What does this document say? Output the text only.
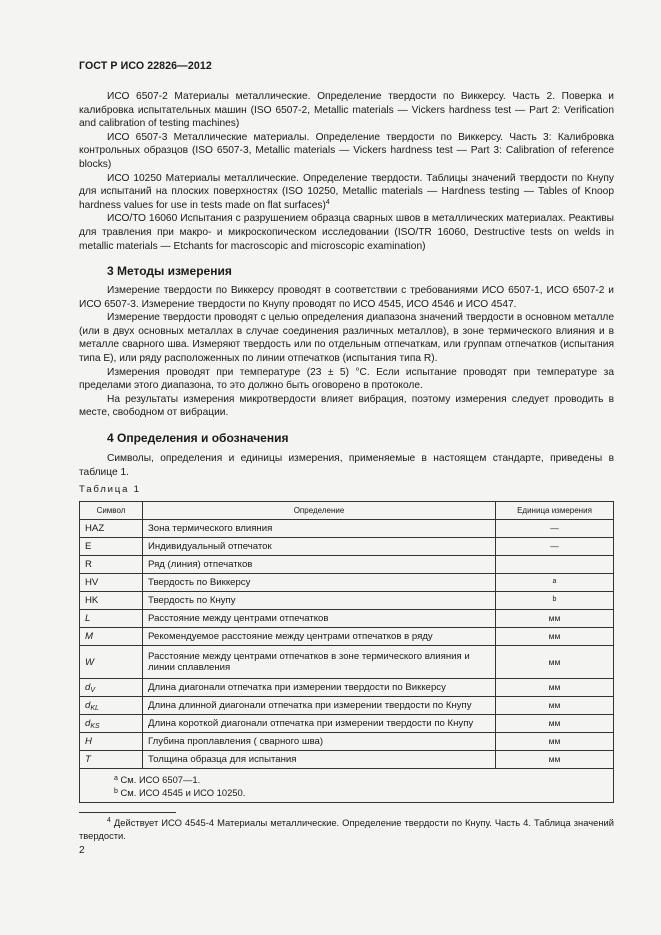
ГОСТ Р ИСО 22826—2012

ИСО 6507-2 Материалы металлические. Определение твердости по Виккерсу. Часть 2. Поверка и калибровка испытательных машин (ISO 6507-2, Metallic materials — Vickers hardness test — Part 2: Verification and calibration of testing machines)

ИСО 6507-3 Металлические материалы. Определение твердости по Виккерсу. Часть 3: Калибровка контрольных образцов (ISO 6507-3, Metallic materials — Vickers hardness test — Part 3: Calibration of reference blocks)

ИСО 10250 Материалы металлические. Определение твердости. Таблицы значений твердости по Кнупу для испытаний на плоских поверхностях (ISO 10250, Metallic materials — Hardness testing — Tables of Knoop hardness values for use in tests made on flat surfaces)$^4$

ИСО/ТО 16060 Испытания с разрушением образца сварных швов в металлических материалах. Реактивы для травления при макро- и микроскопическом исследовании (ISO/TR 16060, Destructive tests on welds in metallic materials — Etchants for macroscopic and microscopic examination)

3 Методы измерения

Измерение твердости по Виккерсу проводят в соответствии с требованиями ИСО 6507-1, ИСО 6507-2 и ИСО 6507-3. Измерение твердости по Кнупу проводят по ИСО 4545, ИСО 4546 и ИСО 4547.

Измерение твердости проводят с целью определения диапазона значений твердости в основном металле (или в двух основных металлах в случае соединения различных металлов), в зоне термического влияния и в металле сварного шва. Измеряют твердость или по отдельным отпечаткам, или группам отпечатков (испытания типа E), или ряду расположенных по линии отпечатков (испытания типа R).

Измерения проводят при температуре (23 ± 5) °С. Если испытание проводят при температуре за пределами этого диапазона, то это должно быть оговорено в протоколе.

На результаты измерения микротвердости влияет вибрация, поэтому измерения следует проводить в месте, свободном от вибрации.

4 Определения и обозначения

Символы, определения и единицы измерения, применяемые в настоящем стандарте, приведены в таблице 1.

Таблица 1
Символ	Определение	Единица измерения
HAZ	Зона термического влияния	—
E	Индивидуальный отпечаток	—
R	Ряд (линия) отпечатков	
HV	Твердость по Виккерсу	$^a$
HK	Твердость по Кнупу	$^b$
L	Расстояние между центрами отпечатков	мм
M	Рекомендуемое расстояние между центрами отпечатков в ряду	мм
W	Расстояние между центрами отпечатков в зоне термического влияния и линии сплавления	мм
$d_V$	Длина диагонали отпечатка при измерении твердости по Виккерсу	мм
$d_{KL}$	Длина длинной диагонали отпечатка при измерении твердости по Кнупу	мм
$d_{KS}$	Длина короткой диагонали отпечатка при измерении твердости по Кнупу	мм
H	Глубина проплавления ( сварного шва)	мм
T	Толщина образца для испытания	мм

$^a$ См. ИСО 6507—1.
$^b$ См. ИСО 4545 и ИСО 10250.		
$^4$ Действует ИСО 4545-4 Материалы металлические. Определение твердости по Кнупу. Часть 4. Таблица значений твердости.
2
